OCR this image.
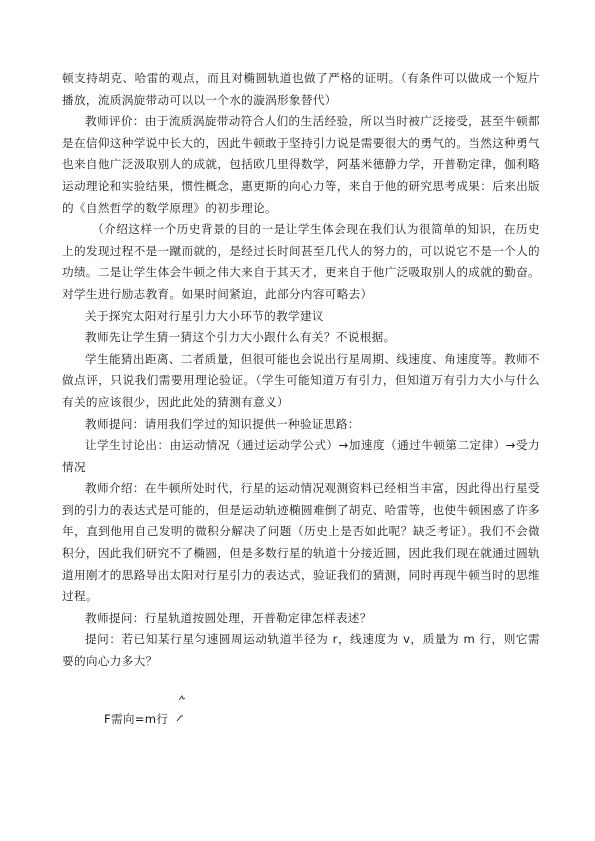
顿支持胡克、哈雷的观点，而且对椭圆轨道也做了严格的证明。（有条件可以做成一个短片播放，流质涡旋带动可以以一个水的漩涡形象替代）

教师评价：由于流质涡旋带动符合人们的生活经验，所以当时被广泛接受，甚至牛顿都是在信仰这种学说中长大的，因此牛顿敢于坚持引力说是需要很大的勇气的。当然这种勇气也来自他广泛汲取别人的成就，包括欧几里得数学，阿基米德静力学，开普勒定律，伽利略运动理论和实验结果，惯性概念，惠更斯的向心力等，来自于他的研究思考成果：后来出版的《自然哲学的数学原理》的初步理论。

（介绍这样一个历史背景的目的一是让学生体会现在我们认为很简单的知识，在历史上的发现过程不是一蹴而就的，是经过长时间甚至几代人的努力的，可以说它不是一个人的功绩。二是让学生体会牛顿之伟大来自于其天才，更来自于他广泛吸取别人的成就的勤奋。对学生进行励志教育。如果时间紧迫，此部分内容可略去）

关于探究太阳对行星引力大小环节的教学建议

教师先让学生猜一猜这个引力大小跟什么有关？不说根据。

学生能猜出距离、二者质量，但很可能也会说出行星周期、线速度、角速度等。教师不做点评，只说我们需要用理论验证。（学生可能知道万有引力，但知道万有引力大小与什么有关的应该很少，因此此处的猜测有意义）

教师提问：请用我们学过的知识提供一种验证思路：

让学生讨论出：由运动情况（通过运动学公式）→加速度（通过牛顿第二定律）→受力情况

教师介绍：在牛顿所处时代，行星的运动情况观测资料已经相当丰富，因此得出行星受到的引力的表达式是可能的，但是运动轨迹椭圆难倒了胡克、哈雷等，也使牛顿困惑了许多年，直到他用自己发明的微积分解决了问题（历史上是否如此呢？缺乏考证）。我们不会微积分，因此我们研究不了椭圆，但是多数行星的轨道十分接近圆，因此我们现在就通过圆轨道用刚才的思路导出太阳对行星引力的表达式，验证我们的猜测，同时再现牛顿当时的思维过程。

教师提问：行星轨道按圆处理，开普勒定律怎样表述？

提问：若已知某行星匀速圆周运动轨道半径为 r，线速度为 v，质量为 m 行，则它需要的向心力多大？

F需向=m行
